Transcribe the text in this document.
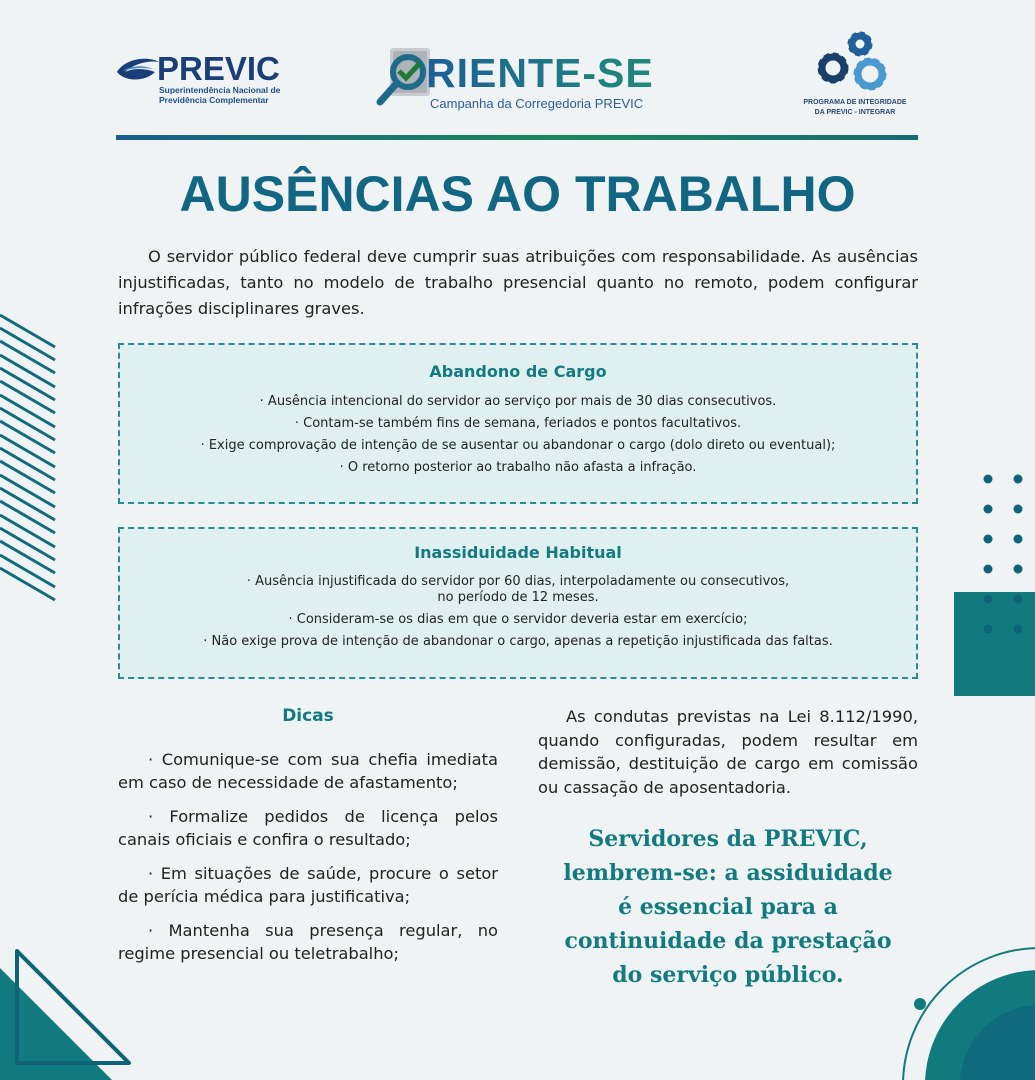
PREVIC
Superintendência Nacional de
Previdência Complementar
RIENTE-SE
Campanha da Corregedoria PREVIC	PROGRAMA DE INTEGRIDADE
DA PREVIC - INTEGRAR
AUSÊNCIAS AO TRABALHO
O servidor público federal deve cumprir suas atribuições com responsabilidade. As ausências injustificadas, tanto no modelo de trabalho presencial quanto no remoto, podem configurar infrações disciplinares graves.
Abandono de Cargo
· Ausência intencional do servidor ao serviço por mais de 30 dias consecutivos.
· Contam-se também fins de semana, feriados e pontos facultativos.
· Exige comprovação de intenção de se ausentar ou abandonar o cargo (dolo direto ou eventual);
· O retorno posterior ao trabalho não afasta a infração.
Inassiduidade Habitual
· Ausência injustificada do servidor por 60 dias, interpoladamente ou consecutivos,
no período de 12 meses.
· Consideram-se os dias em que o servidor deveria estar em exercício;
· Não exige prova de intenção de abandonar o cargo, apenas a repetição injustificada das faltas.
Dicas
· Comunique-se com sua chefia imediata em caso de necessidade de afastamento;
· Formalize pedidos de licença pelos canais oficiais e confira o resultado;
· Em situações de saúde, procure o setor de perícia médica para justificativa;
· Mantenha sua presença regular, no regime presencial ou teletrabalho;
As condutas previstas na Lei 8.112/1990, quando configuradas, podem resultar em demissão, destituição de cargo em comissão ou cassação de aposentadoria.
Servidores da PREVIC,
lembrem-se: a assiduidade
é essencial para a
continuidade da prestação
do serviço público.
